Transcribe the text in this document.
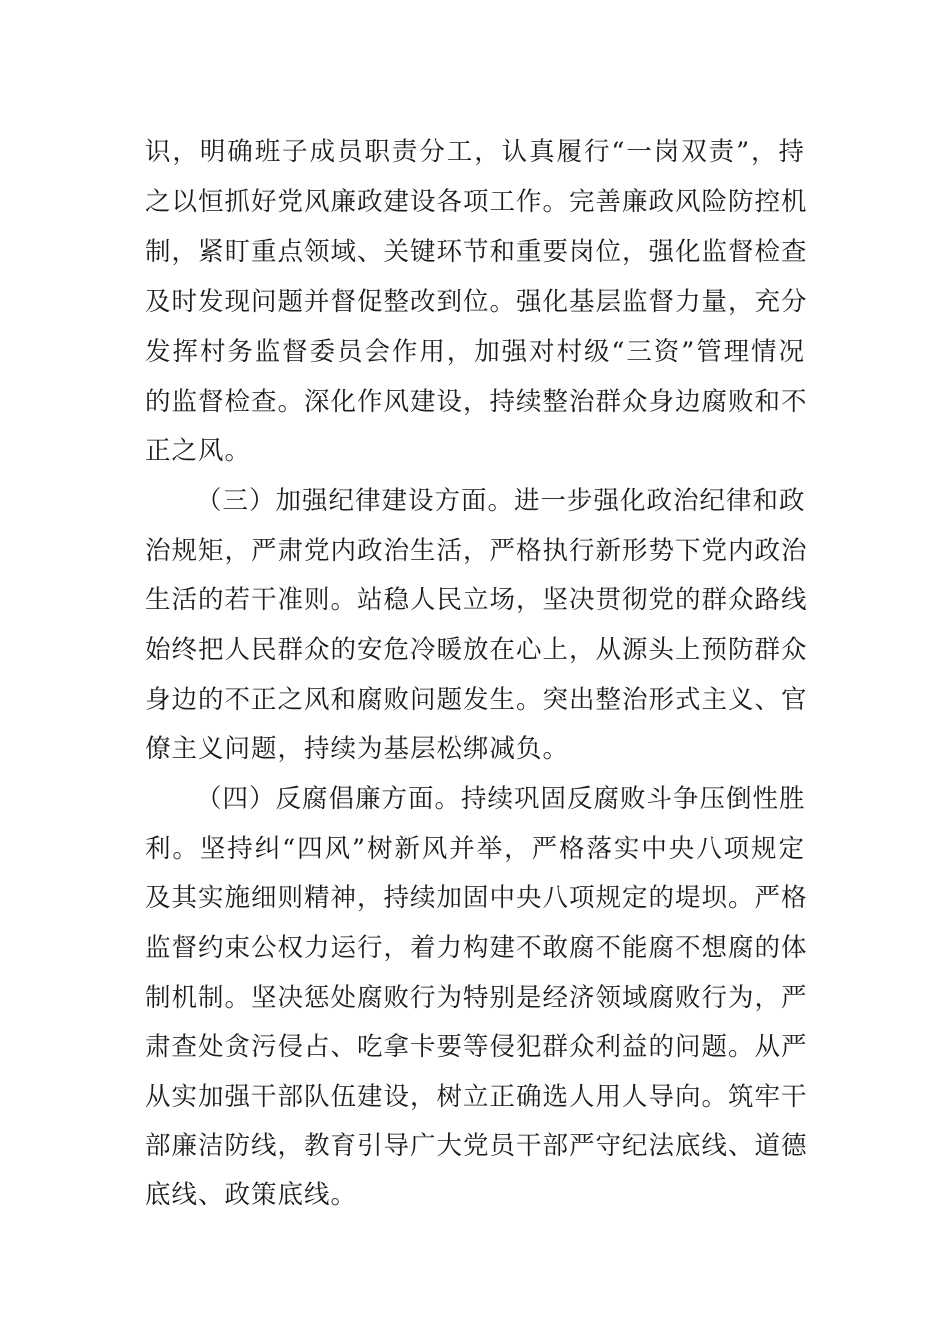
识，明确班子成员职责分工，认真履行“一岗双责”，持
之以恒抓好党风廉政建设各项工作。完善廉政风险防控机
制，紧盯重点领域、关键环节和重要岗位，强化监督检查
及时发现问题并督促整改到位。强化基层监督力量，充分
发挥村务监督委员会作用，加强对村级“三资”管理情况
的监督检查。深化作风建设，持续整治群众身边腐败和不
正之风。
（三）加强纪律建设方面。进一步强化政治纪律和政
治规矩，严肃党内政治生活，严格执行新形势下党内政治
生活的若干准则。站稳人民立场，坚决贯彻党的群众路线
始终把人民群众的安危冷暖放在心上，从源头上预防群众
身边的不正之风和腐败问题发生。突出整治形式主义、官
僚主义问题，持续为基层松绑减负。
（四）反腐倡廉方面。持续巩固反腐败斗争压倒性胜
利。坚持纠“四风”树新风并举，严格落实中央八项规定
及其实施细则精神，持续加固中央八项规定的堤坝。严格
监督约束公权力运行，着力构建不敢腐不能腐不想腐的体
制机制。坚决惩处腐败行为特别是经济领域腐败行为，严
肃查处贪污侵占、吃拿卡要等侵犯群众利益的问题。从严
从实加强干部队伍建设，树立正确选人用人导向。筑牢干
部廉洁防线，教育引导广大党员干部严守纪法底线、道德
底线、政策底线。
